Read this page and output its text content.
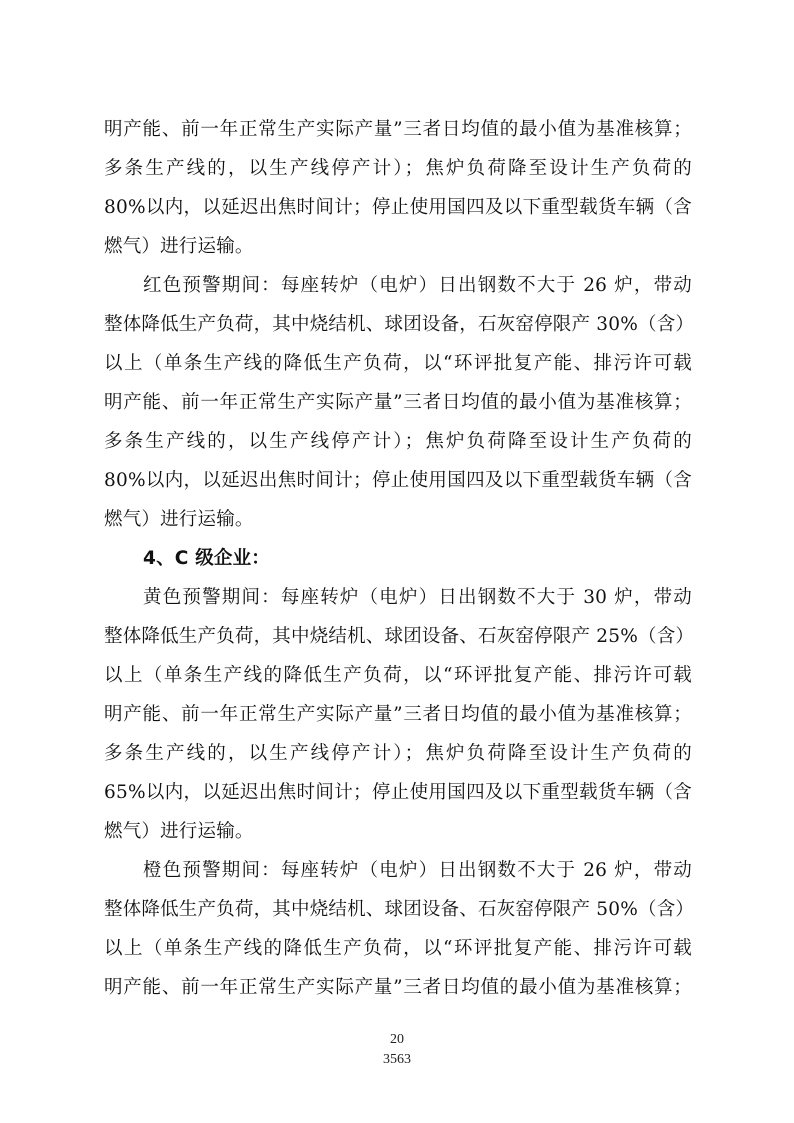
明产能、前一年正常生产实际产量”三者日均值的最小值为基准核算；
多条生产线的，以生产线停产计）；焦炉负荷降至设计生产负荷的
80%以内，以延迟出焦时间计；停止使用国四及以下重型载货车辆（含
燃气）进行运输。
红色预警期间：每座转炉（电炉）日出钢数不大于 26 炉，带动
整体降低生产负荷，其中烧结机、球团设备，石灰窑停限产 30%（含）
以上（单条生产线的降低生产负荷，以“环评批复产能、排污许可载
明产能、前一年正常生产实际产量”三者日均值的最小值为基准核算；
多条生产线的，以生产线停产计）；焦炉负荷降至设计生产负荷的
80%以内，以延迟出焦时间计；停止使用国四及以下重型载货车辆（含
燃气）进行运输。
4、C 级企业：
黄色预警期间：每座转炉（电炉）日出钢数不大于 30 炉，带动
整体降低生产负荷，其中烧结机、球团设备、石灰窑停限产 25%（含）
以上（单条生产线的降低生产负荷，以“环评批复产能、排污许可载
明产能、前一年正常生产实际产量”三者日均值的最小值为基准核算；
多条生产线的，以生产线停产计）；焦炉负荷降至设计生产负荷的
65%以内，以延迟出焦时间计；停止使用国四及以下重型载货车辆（含
燃气）进行运输。
橙色预警期间：每座转炉（电炉）日出钢数不大于 26 炉，带动
整体降低生产负荷，其中烧结机、球团设备、石灰窑停限产 50%（含）
以上（单条生产线的降低生产负荷，以“环评批复产能、排污许可载
明产能、前一年正常生产实际产量”三者日均值的最小值为基准核算；
20
3563
